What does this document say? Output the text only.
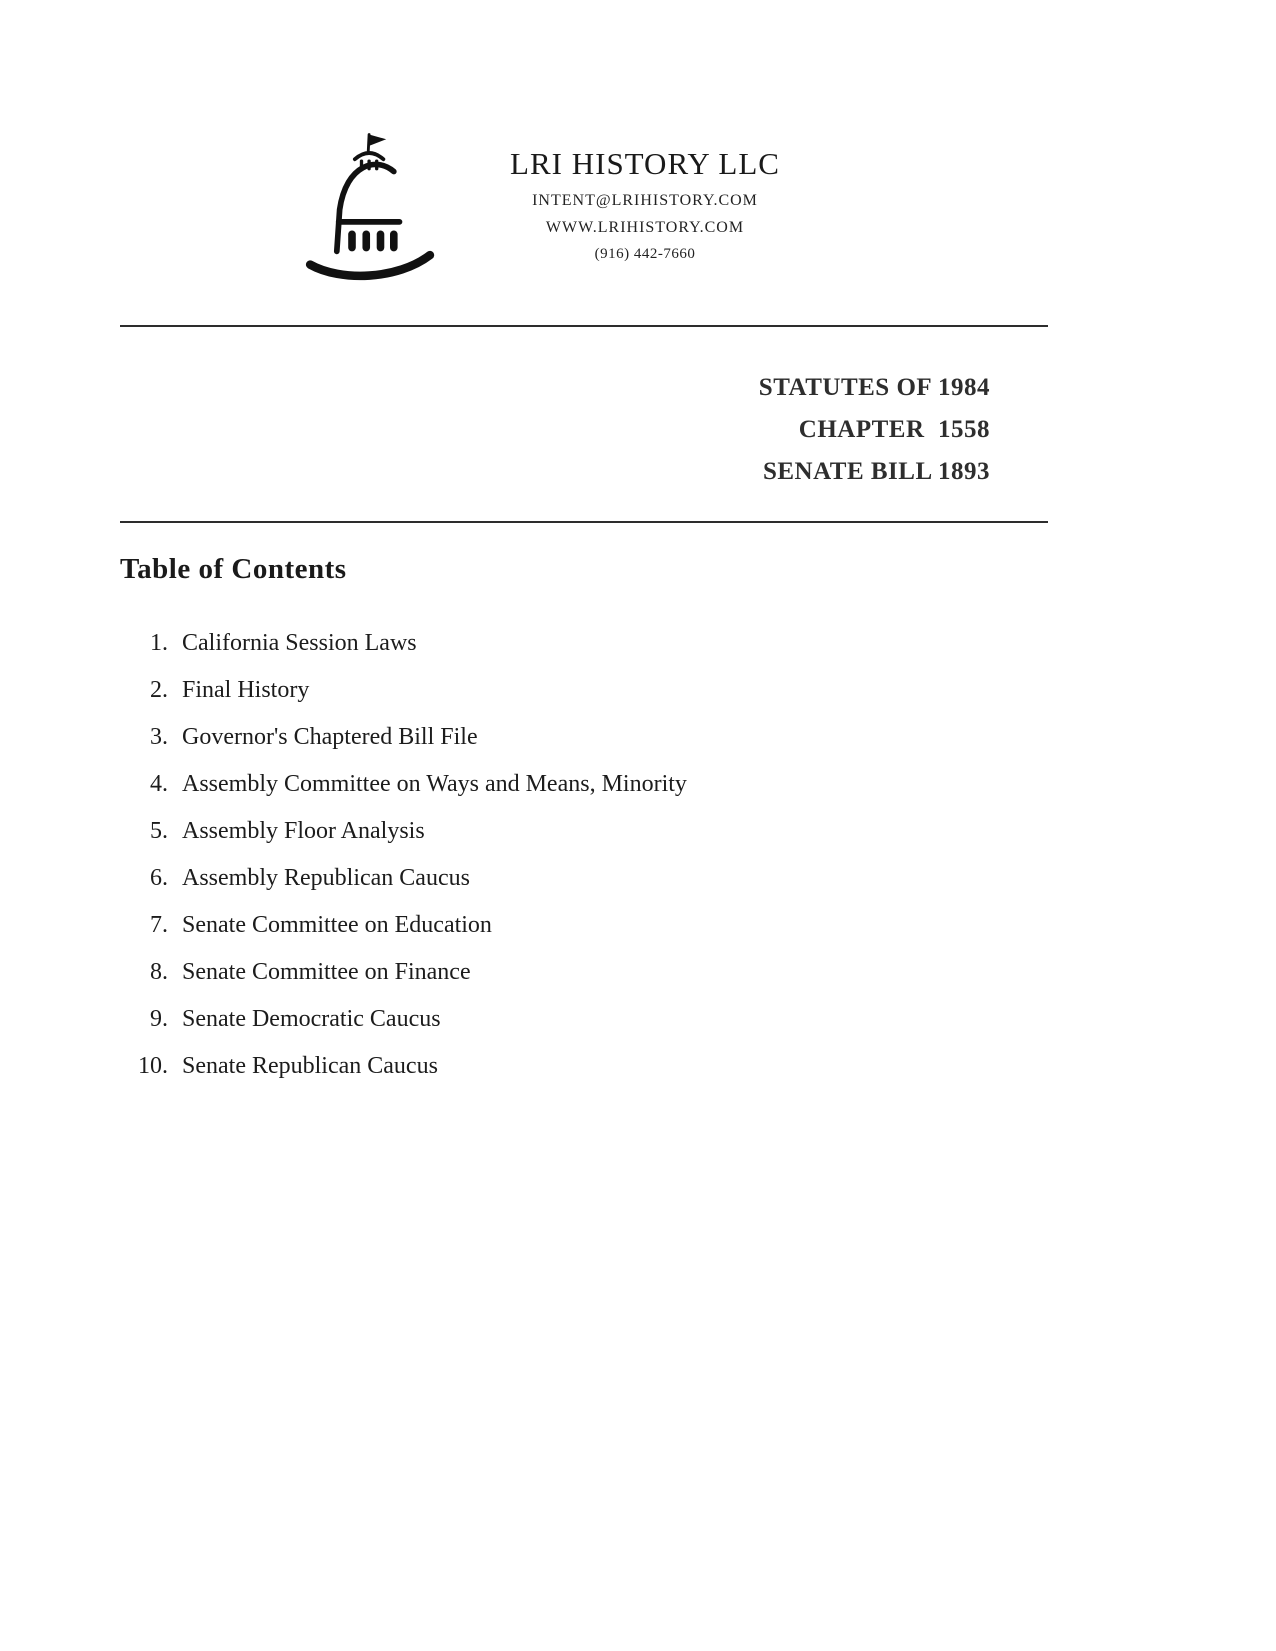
LRI HISTORY LLC
INTENT@LRIHISTORY.COM
WWW.LRIHISTORY.COM
(916) 442-7660
STATUTES OF 1984
CHAPTER  1558
SENATE BILL 1893
Table of Contents
California Session Laws
Final History
Governor's Chaptered Bill File
Assembly Committee on Ways and Means, Minority
Assembly Floor Analysis
Assembly Republican Caucus
Senate Committee on Education
Senate Committee on Finance
Senate Democratic Caucus
Senate Republican Caucus
